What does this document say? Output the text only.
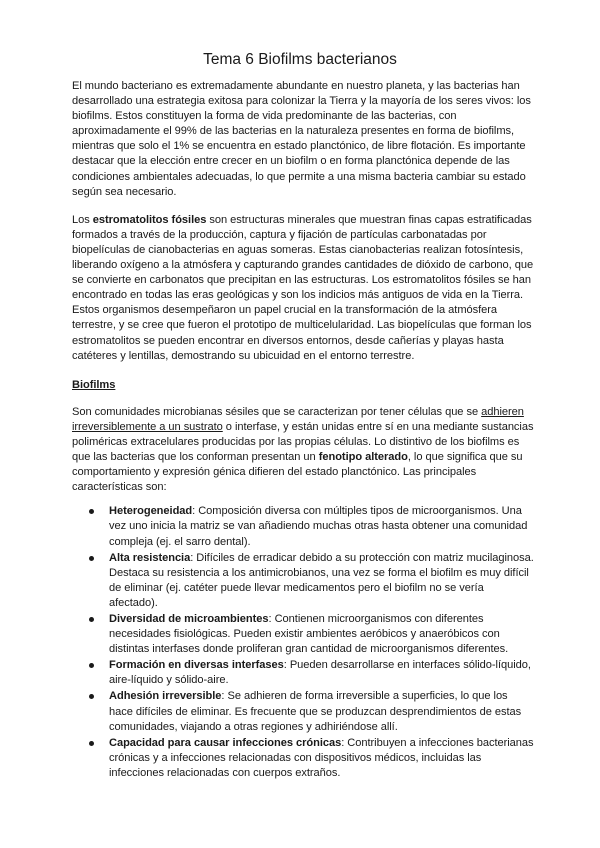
Tema 6 Biofilms bacterianos

El mundo bacteriano es extremadamente abundante en nuestro planeta, y las bacterias han desarrollado una estrategia exitosa para colonizar la Tierra y la mayoría de los seres vivos: los biofilms. Estos constituyen la forma de vida predominante de las bacterias, con aproximadamente el 99% de las bacterias en la naturaleza presentes en forma de biofilms, mientras que solo el 1% se encuentra en estado planctónico, de libre flotación. Es importante destacar que la elección entre crecer en un biofilm o en forma planctónica depende de las condiciones ambientales adecuadas, lo que permite a una misma bacteria cambiar su estado según sea necesario.

Los estromatolitos fósiles son estructuras minerales que muestran finas capas estratificadas formados a través de la producción, captura y fijación de partículas carbonatadas por biopelículas de cianobacterias en aguas someras. Estas cianobacterias realizan fotosíntesis, liberando oxígeno a la atmósfera y capturando grandes cantidades de dióxido de carbono, que se convierte en carbonatos que precipitan en las estructuras. Los estromatolitos fósiles se han encontrado en todas las eras geológicas y son los indicios más antiguos de vida en la Tierra. Estos organismos desempeñaron un papel crucial en la transformación de la atmósfera terrestre, y se cree que fueron el prototipo de multicelularidad. Las biopelículas que forman los estromatolitos se pueden encontrar en diversos entornos, desde cañerías y playas hasta catéteres y lentillas, demostrando su ubicuidad en el entorno terrestre.

Biofilms

Son comunidades microbianas sésiles que se caracterizan por tener células que se adhieren irreversiblemente a un sustrato o interfase, y están unidas entre sí en una mediante sustancias poliméricas extracelulares producidas por las propias células. Lo distintivo de los biofilms es que las bacterias que los conforman presentan un fenotipo alterado, lo que significa que su comportamiento y expresión génica difieren del estado planctónico. Las principales características son:

Heterogeneidad: Composición diversa con múltiples tipos de microorganismos. Una vez uno inicia la matriz se van añadiendo muchas otras hasta obtener una comunidad compleja (ej. el sarro dental).
Alta resistencia: Difíciles de erradicar debido a su protección con matriz mucilaginosa. Destaca su resistencia a los antimicrobianos, una vez se forma el biofilm es muy difícil de eliminar (ej. catéter puede llevar medicamentos pero el biofilm no se vería afectado).
Diversidad de microambientes: Contienen microorganismos con diferentes necesidades fisiológicas. Pueden existir ambientes aeróbicos y anaeróbicos con distintas interfases donde proliferan gran cantidad de microorganismos diferentes.
Formación en diversas interfases: Pueden desarrollarse en interfaces sólido-líquido, aire-líquido y sólido-aire.
Adhesión irreversible: Se adhieren de forma irreversible a superficies, lo que los hace difíciles de eliminar. Es frecuente que se produzcan desprendimientos de estas comunidades, viajando a otras regiones y adhiriéndose allí.
Capacidad para causar infecciones crónicas: Contribuyen a infecciones bacterianas crónicas y a infecciones relacionadas con dispositivos médicos, incluidas las infecciones relacionadas con cuerpos extraños.
